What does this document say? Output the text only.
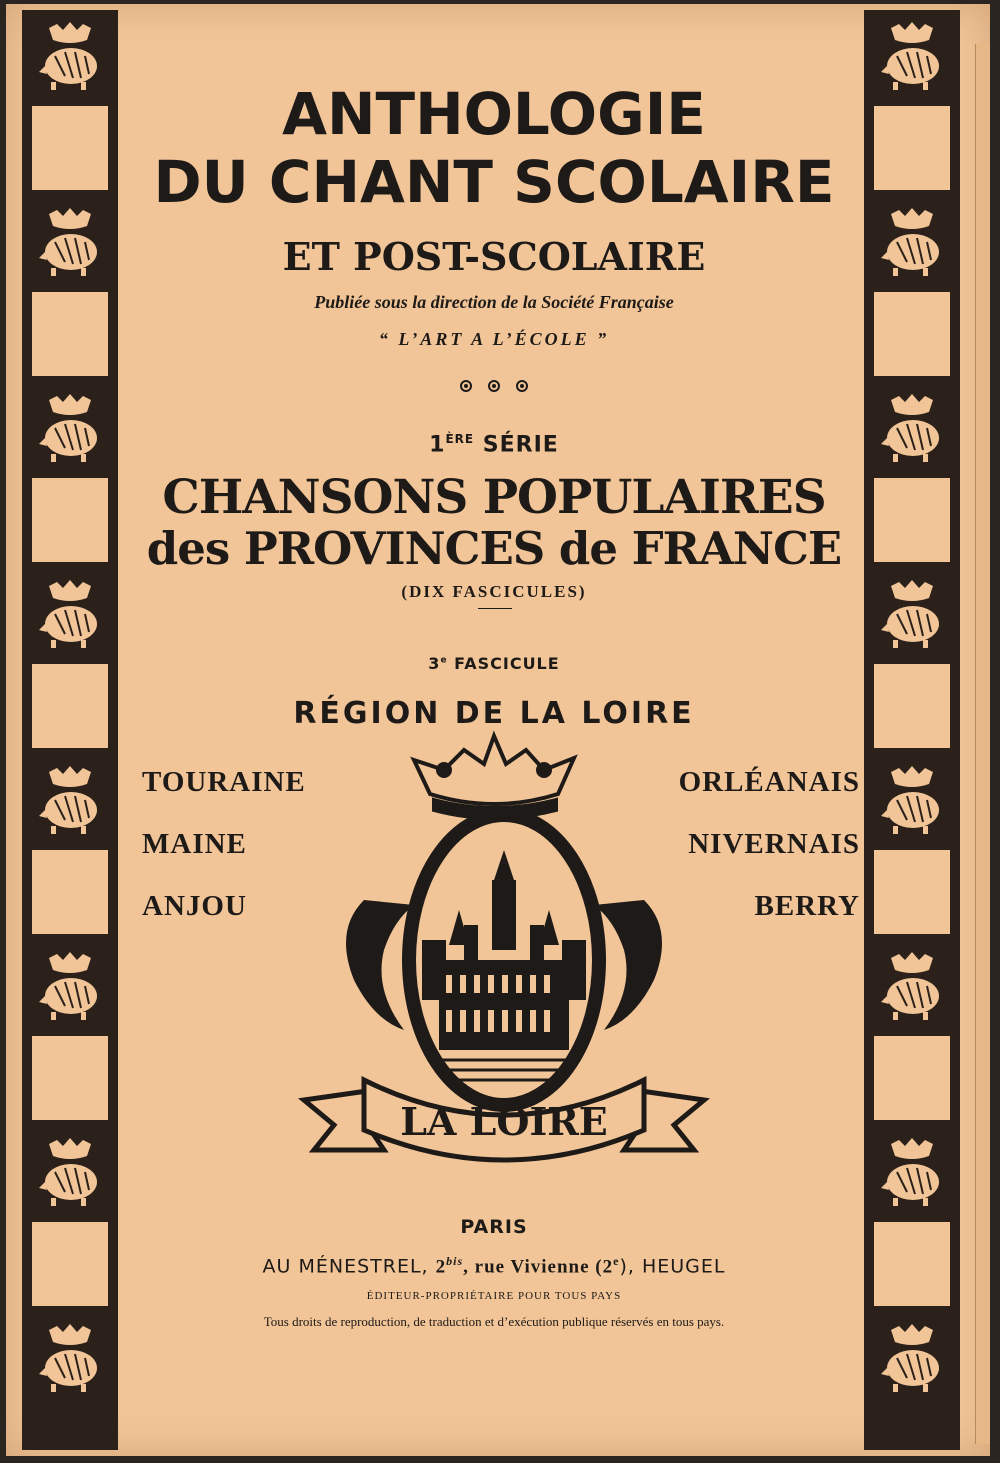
ANTHOLOGIE
DU CHANT SCOLAIRE
ET POST-SCOLAIRE
Publiée sous la direction de la Société Française
“ L’ART A L’ÉCOLE ”
1ÈRE SÉRIE
CHANSONS POPULAIRES
des PROVINCES de FRANCE
(DIX FASCICULES)
3e FASCICULE
RÉGION DE LA LOIRE
TOURAINE
MAINE
ANJOU
ORLÉANAIS
NIVERNAIS
BERRY
LA LOIRE
PARIS
AU MÉNESTREL, $2^{bis}$, rue Vivienne (2e), HEUGEL
ÉDITEUR-PROPRIÉTAIRE POUR TOUS PAYS
Tous droits de reproduction, de traduction et d’exécution publique réservés en tous pays.
